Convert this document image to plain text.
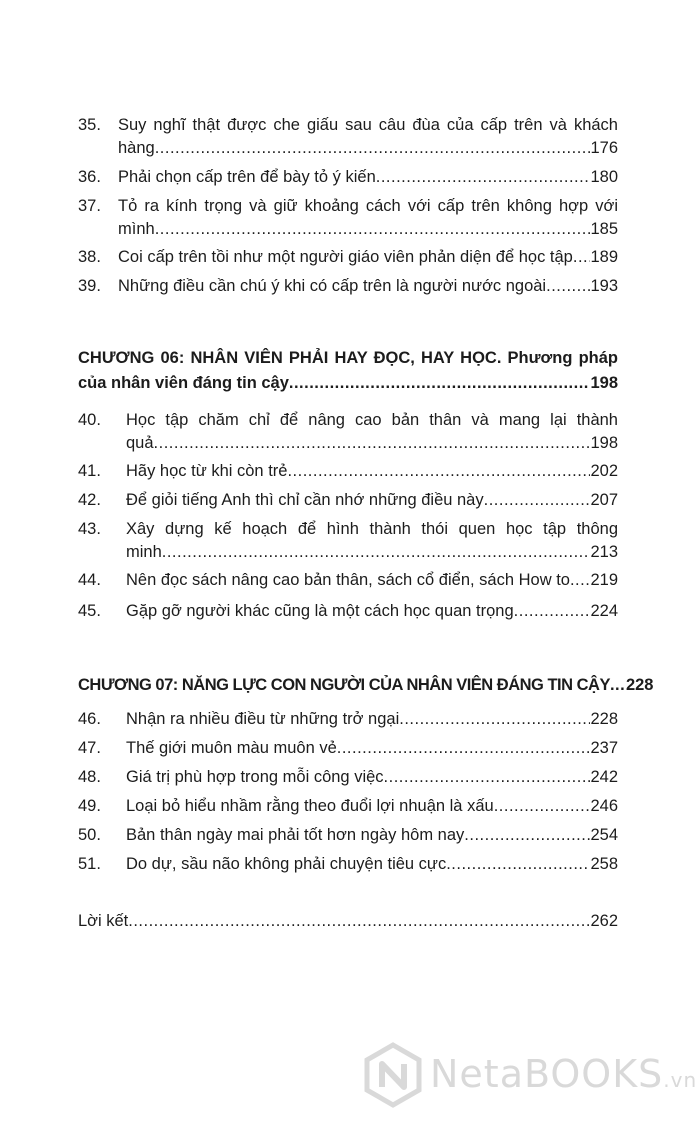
35.	Suy nghĩ thật được che giấu sau câu đùa của cấp trên và khách
hàng .....	176
36.	Phải chọn cấp trên để bày tỏ ý kiến .....	180
37.	Tỏ ra kính trọng và giữ khoảng cách với cấp trên không hợp với
mình .....	185
38.	Coi cấp trên tồi như một người giáo viên phản diện để học tập ..... 189
39.	Những điều cần chú ý khi có cấp trên là người nước ngoài .....	193
CHƯƠNG 06: NHÂN VIÊN PHẢI HAY ĐỌC, HAY HỌC. Phương pháp
của nhân viên đáng tin cậy .....	198
40.	Học tập chăm chỉ để nâng cao bản thân và mang lại thành
quả .....	198
41.	Hãy học từ khi còn trẻ .....	202
42.	Để giỏi tiếng Anh thì chỉ cần nhớ những điều này .....	207
43.	Xây dựng kế hoạch để hình thành thói quen học tập thông
minh .....	213
44.	Nên đọc sách nâng cao bản thân, sách cổ điển, sách How to ..... 219
45.	Gặp gỡ người khác cũng là một cách học quan trọng .....	224
CHƯƠNG 07: NĂNG LỰC CON NGƯỜI CỦA NHÂN VIÊN ĐÁNG TIN CẬY ..... 228
46.	Nhận ra nhiều điều từ những trở ngại .....	228
47.	Thế giới muôn màu muôn vẻ .....	237
48.	Giá trị phù hợp trong mỗi công việc .....	242
49.	Loại bỏ hiểu nhầm rằng theo đuổi lợi nhuận là xấu .....	246
50.	Bản thân ngày mai phải tốt hơn ngày hôm nay .....	254
51.	Do dự, sầu não không phải chuyện tiêu cực .....	258
Lời kết .....	262
NetaBOOKS.vn
